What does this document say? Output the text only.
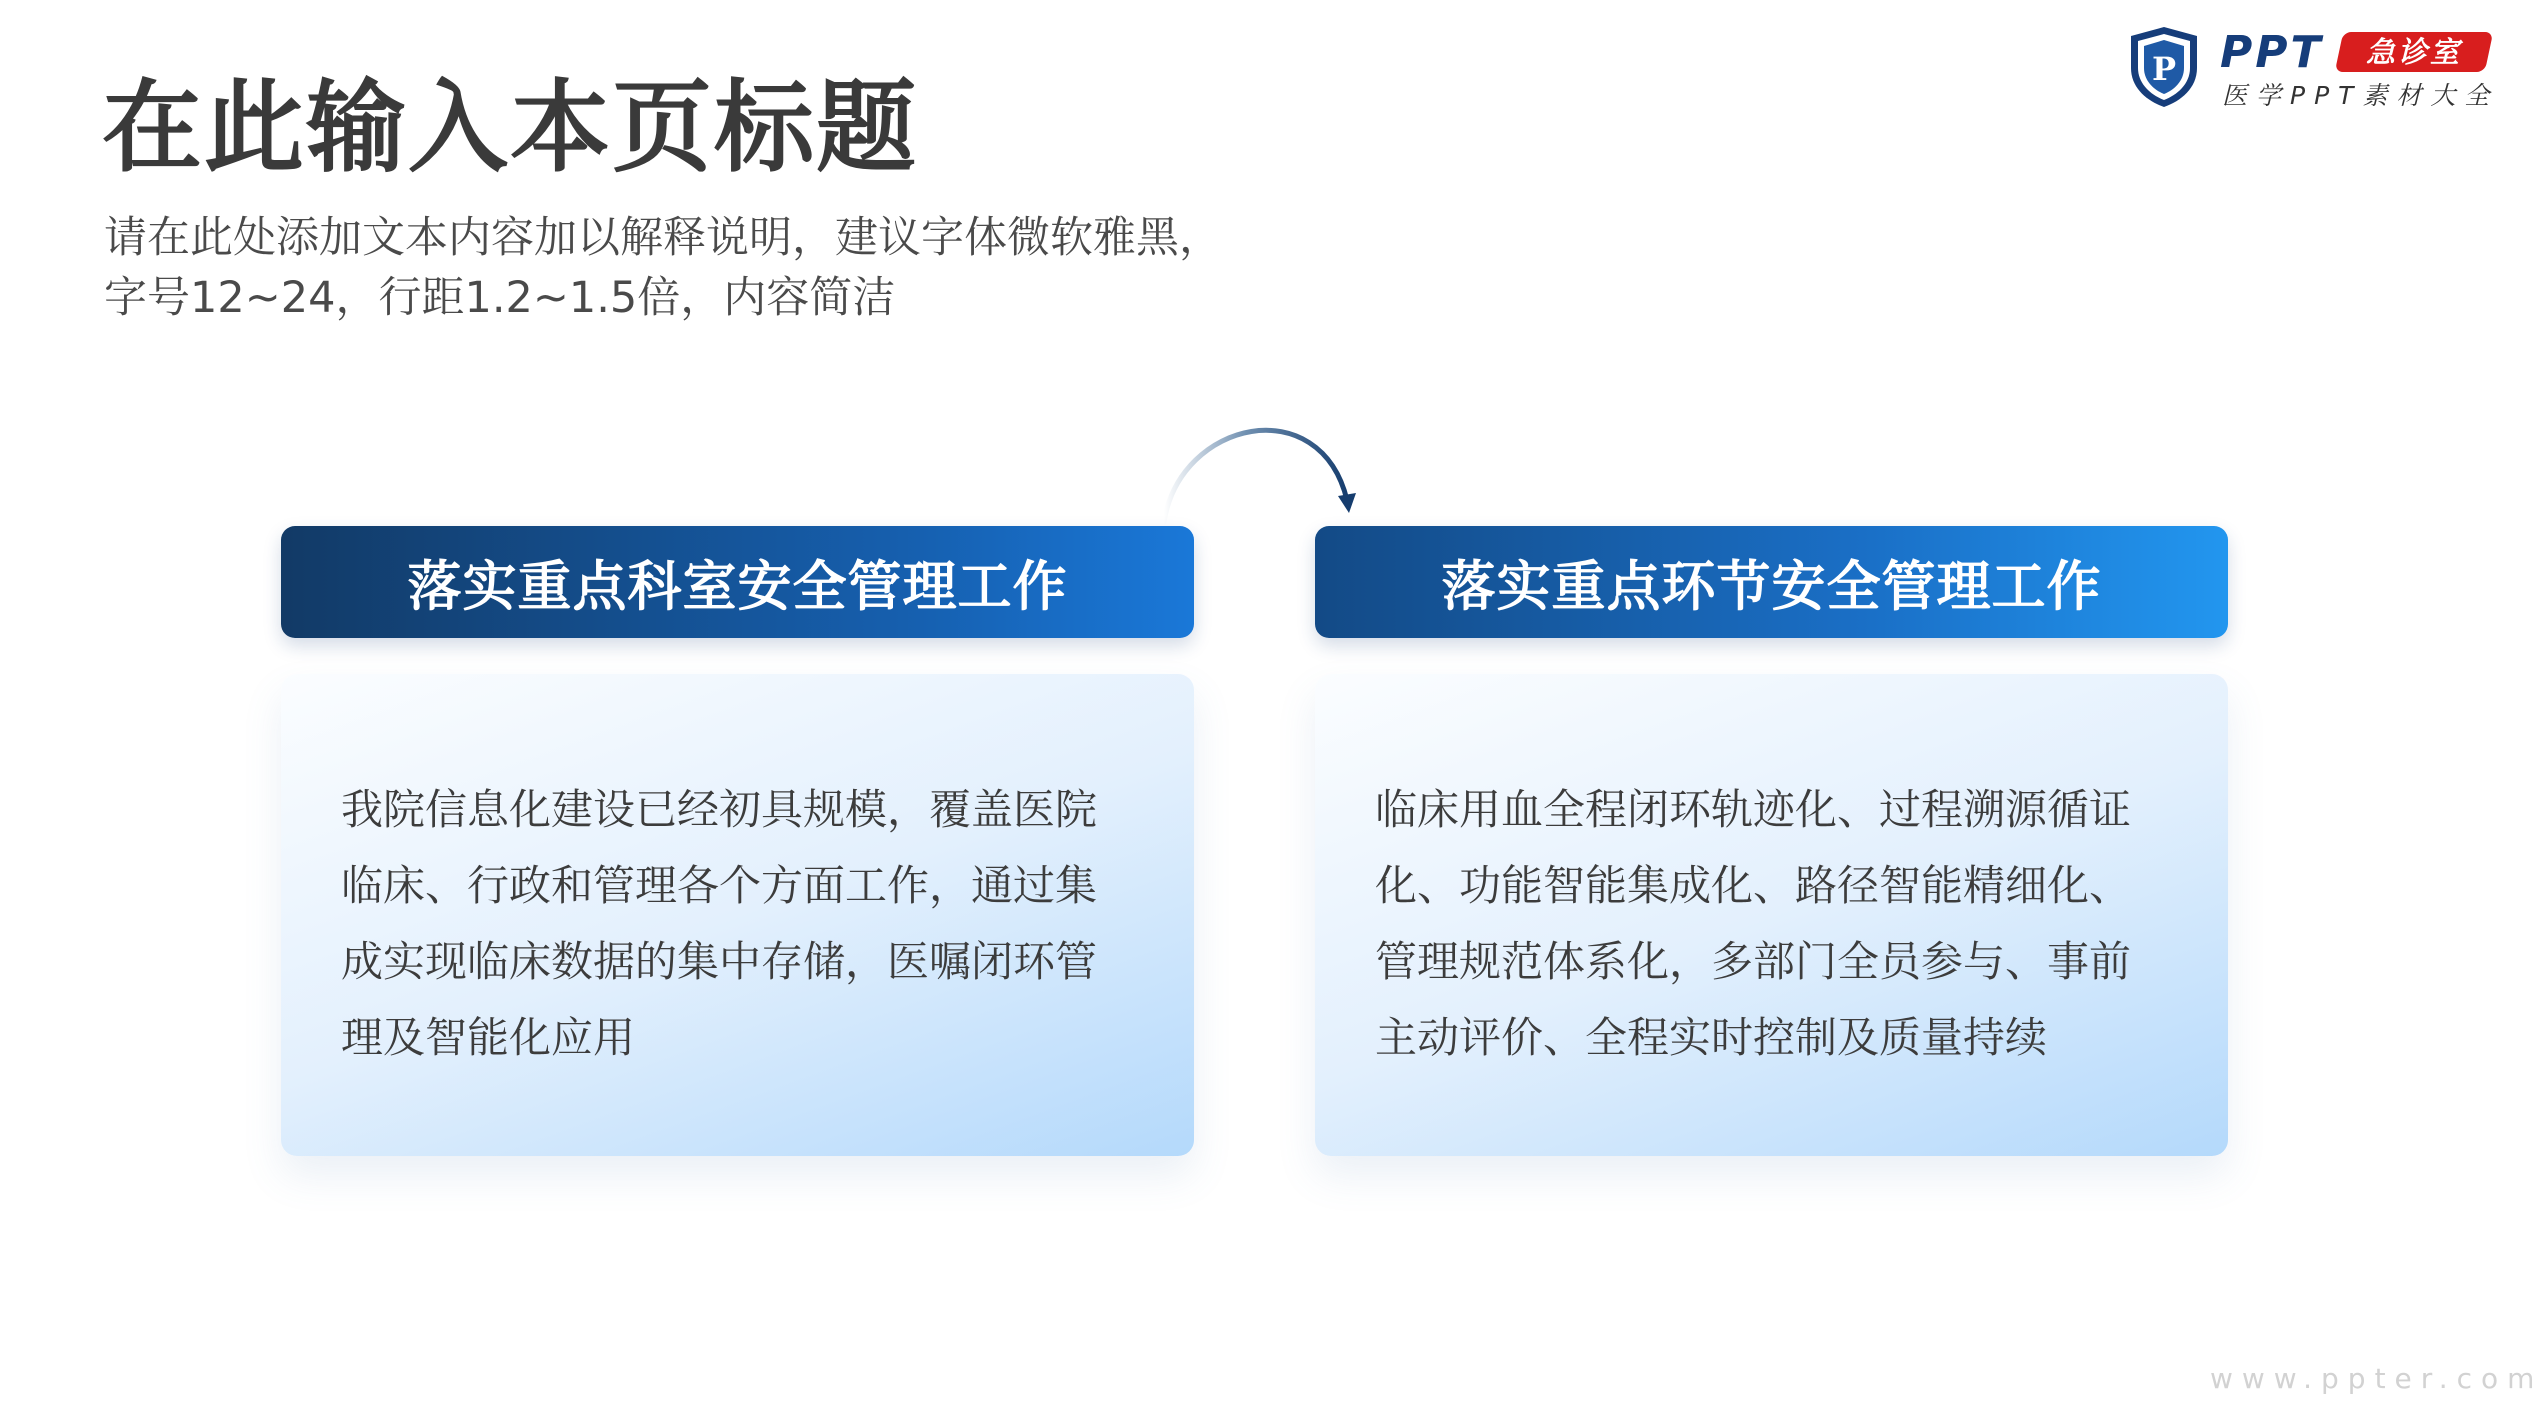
在此输入本页标题
请在此处添加文本内容加以解释说明，建议字体微软雅黑，
字号12~24，行距1.2~1.5倍，内容简洁
P PPT	急诊室
医学PPT素材大全
落实重点科室安全管理工作
我院信息化建设已经初具规模，覆盖医院
临床、行政和管理各个方面工作，通过集
成实现临床数据的集中存储，医嘱闭环管
理及智能化应用
落实重点环节安全管理工作
临床用血全程闭环轨迹化、过程溯源循证
化、功能智能集成化、路径智能精细化、
管理规范体系化，多部门全员参与、事前
主动评价、全程实时控制及质量持续
www.ppter.com
